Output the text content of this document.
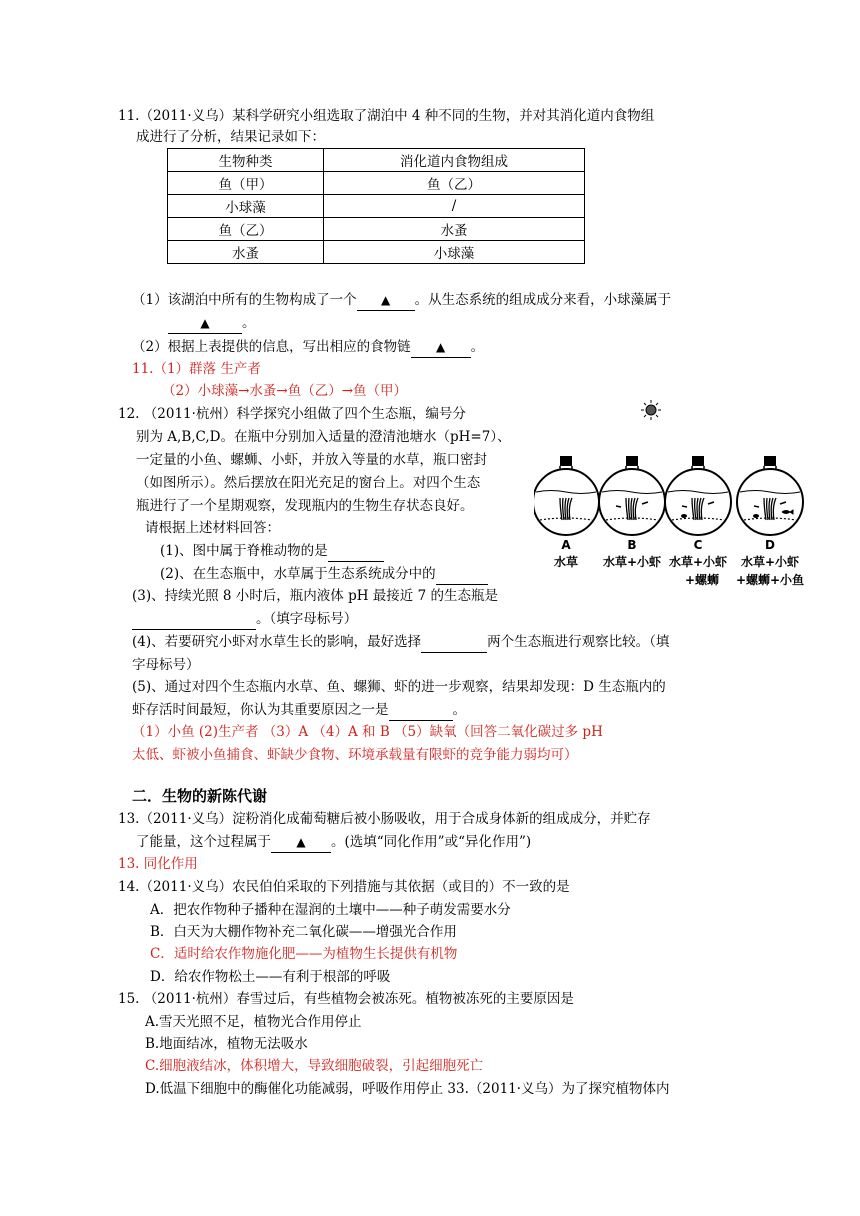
11.（2011·义乌）某科学研究小组选取了湖泊中 4 种不同的生物，并对其消化道内食物组
成进行了分析，结果记录如下：
生物种类	消化道内食物组成
鱼（甲）	鱼（乙）
小球藻	/
鱼（乙）	水蚤
水蚤	小球藻
（1）该湖泊中所有的生物构成了一个 ▲ 。从生态系统的组成成分来看，小球藻属于
▲ 。
（2）根据上表提供的信息，写出相应的食物链 ▲ 。
11.（1）群落 生产者
（2）小球藻→水蚤→鱼（乙）→鱼（甲）
12. （2011·杭州）科学探究小组做了四个生态瓶，编号分
别为 A,B,C,D。在瓶中分别加入适量的澄清池塘水（pH=7）、
一定量的小鱼、螺蛳、小虾，并放入等量的水草，瓶口密封
（如图所示）。然后摆放在阳光充足的窗台上。对四个生态
瓶进行了一个星期观察，发现瓶内的生物生存状态良好。
请根据上述材料回答：
(1)、图中属于脊椎动物的是
(2)、在生态瓶中，水草属于生态系统成分中的
(3)、持续光照 8 小时后，瓶内液体 pH 最接近 7 的生态瓶是
。（填字母标号）
(4)、若要研究小虾对水草生长的影响，最好选择	两个生态瓶进行观察比较。（填
字母标号）
(5)、通过对四个生态瓶内水草、鱼、螺狮、虾的进一步观察，结果却发现：D 生态瓶内的
虾存活时间最短，你认为其重要原因之一是	。
（1）小鱼 (2)生产者 （3）A （4）A 和 B （5）缺氧（回答二氧化碳过多 pH
太低、虾被小鱼捕食、虾缺少食物、环境承载量有限虾的竞争能力弱均可）
A
水草
B
水草+小虾
C
水草+小虾
+螺蛳
D
水草+小虾
+螺蛳+小鱼
二．生物的新陈代谢
13.（2011·义乌）淀粉消化成葡萄糖后被小肠吸收，用于合成身体新的组成成分，并贮存
了能量，这个过程属于 ▲ 。(选填“同化作用”或“异化作用”)
13. 同化作用
14.（2011·义乌）农民伯伯采取的下列措施与其依据（或目的）不一致的是
A．把农作物种子播种在湿润的土壤中——种子萌发需要水分
B．白天为大棚作物补充二氧化碳——增强光合作用
C．适时给农作物施化肥——为植物生长提供有机物
D．给农作物松土——有利于根部的呼吸
15. （2011·杭州）春雪过后，有些植物会被冻死。植物被冻死的主要原因是
A.雪天光照不足，植物光合作用停止
B.地面结冰，植物无法吸水
C.细胞液结冰，体积增大，导致细胞破裂，引起细胞死亡
D.低温下细胞中的酶催化功能减弱，呼吸作用停止 33.（2011·义乌）为了探究植物体内
